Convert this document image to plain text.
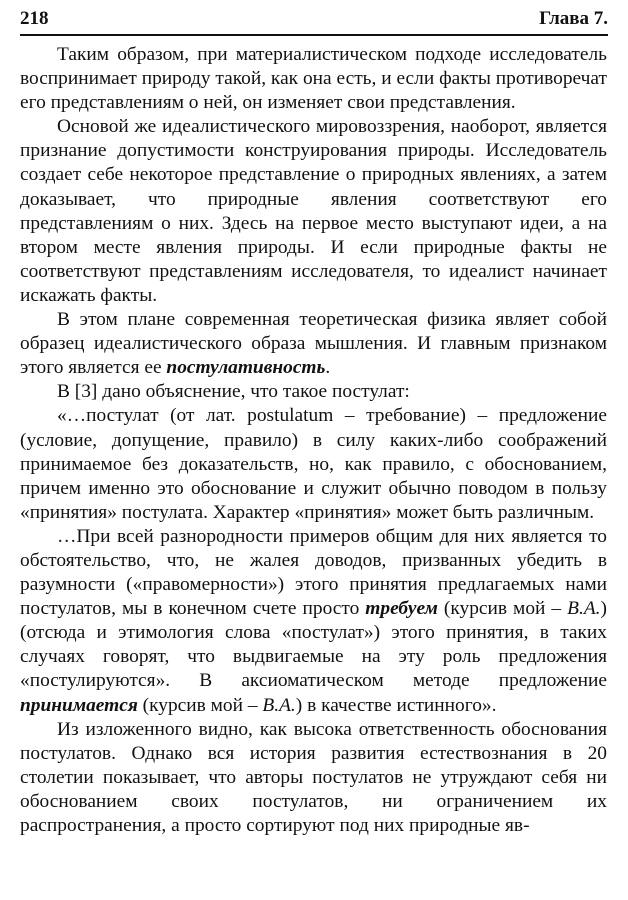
218	Глава 7.

Таким образом, при материалистическом подходе исследователь воспринимает природу такой, как она есть, и если факты противоречат его представлениям о ней, он изменяет свои представления.

Основой же идеалистического мировоззрения, наоборот, является признание допустимости конструирования природы. Исследователь создает себе некоторое представление о природных явлениях, а затем доказывает, что природные явления соответствуют его представлениям о них. Здесь на первое место выступают идеи, а на втором месте явления природы. И если природные факты не соответствуют представлениям исследователя, то идеалист начинает искажать факты.

В этом плане современная теоретическая физика являет собой образец идеалистического образа мышления. И главным признаком этого является ее постулативность.

В [3] дано объяснение, что такое постулат:

«…постулат (от лат. postulatum – требование) – предложение (условие, допущение, правило) в силу каких-либо соображений принимаемое без доказательств, но, как правило, с обоснованием, причем именно это обоснование и служит обычно поводом в пользу «принятия» постулата. Характер «принятия» может быть различным.

…При всей разнородности примеров общим для них является то обстоятельство, что, не жалея доводов, призванных убедить в разумности («правомерности») этого принятия предлагаемых нами постулатов, мы в конечном счете просто требуем (курсив мой – В.А.) (отсюда и этимология слова «постулат») этого принятия, в таких случаях говорят, что выдвигаемые на эту роль предложения «постулируются». В аксиоматическом методе предложение принимается (курсив мой – В.А.) в качестве истинного».

Из изложенного видно, как высока ответственность обоснования постулатов. Однако вся история развития естествознания в 20 столетии показывает, что авторы постулатов не утруждают себя ни обоснованием своих постулатов, ни ограничением их распространения, а просто сортируют под них природные яв-
